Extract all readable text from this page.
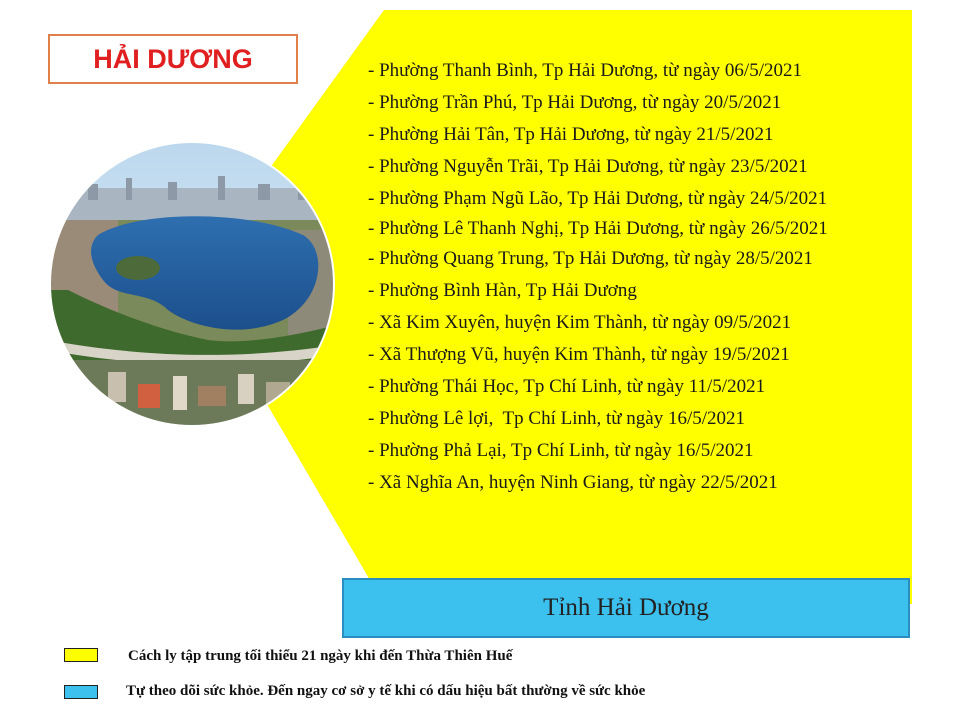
HẢI DƯƠNG	- Phường Thanh Bình, Tp Hải Dương, từ ngày 06/5/2021
- Phường Trần Phú, Tp Hải Dương, từ ngày 20/5/2021
- Phường Hải Tân, Tp Hải Dương, từ ngày 21/5/2021
- Phường Nguyễn Trãi, Tp Hải Dương, từ ngày 23/5/2021
- Phường Phạm Ngũ Lão, Tp Hải Dương, từ ngày 24/5/2021
- Phường Lê Thanh Nghị, Tp Hải Dương, từ ngày 26/5/2021
- Phường Quang Trung, Tp Hải Dương, từ ngày 28/5/2021
- Phường Bình Hàn, Tp Hải Dương
- Xã Kim Xuyên, huyện Kim Thành, từ ngày 09/5/2021
- Xã Thượng Vũ, huyện Kim Thành, từ ngày 19/5/2021
- Phường Thái Học, Tp Chí Linh, từ ngày 11/5/2021
- Phường Lê lợi,  Tp Chí Linh, từ ngày 16/5/2021
- Phường Phả Lại, Tp Chí Linh, từ ngày 16/5/2021
- Xã Nghĩa An, huyện Ninh Giang, từ ngày 22/5/2021
Tỉnh Hải Dương
Cách ly tập trung tối thiểu 21 ngày khi đến Thừa Thiên Huế
Tự theo dõi sức khỏe. Đến ngay cơ sở y tế khi có dấu hiệu bất thường về sức khỏe
